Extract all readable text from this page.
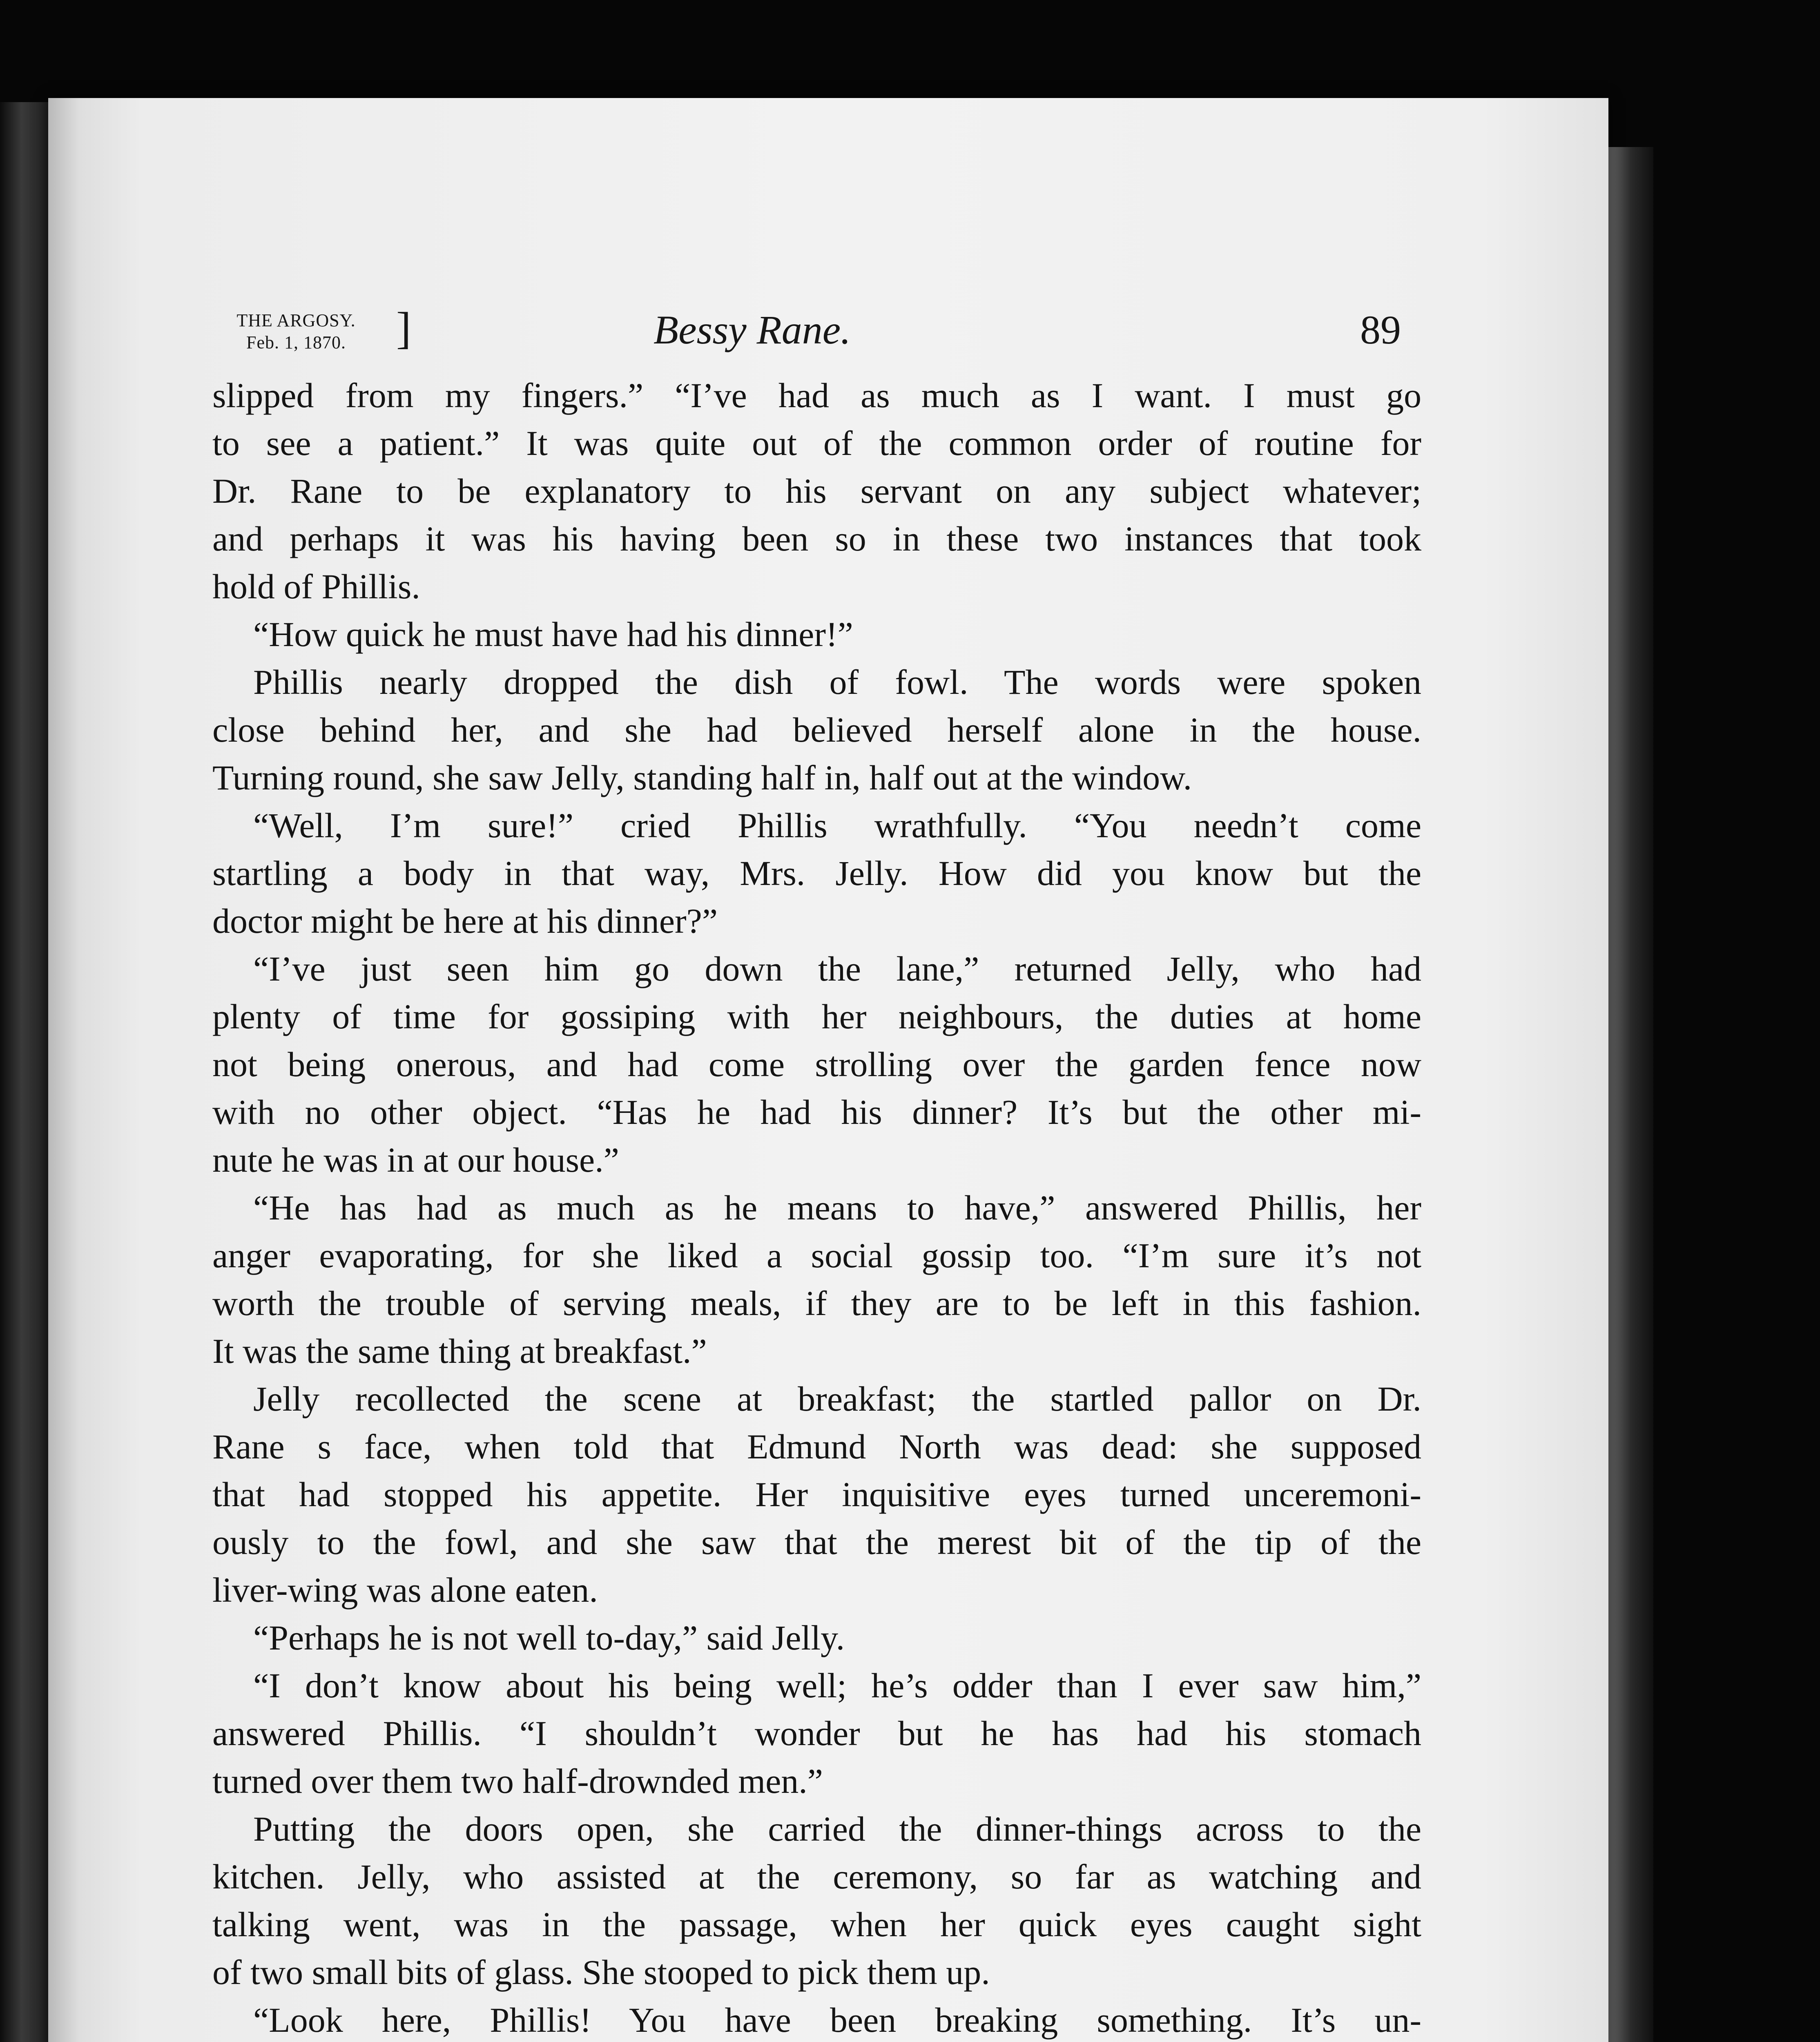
THE ARGOSY.
Feb. 1, 1870.	]	Bessy Rane.	89
slipped from my fingers.” “I’ve had as much as I want. I must go
to see a patient.” It was quite out of the common order of routine for
Dr. Rane to be explanatory to his servant on any subject whatever;
and perhaps it was his having been so in these two instances that took
hold of Phillis.
“How quick he must have had his dinner!”
Phillis nearly dropped the dish of fowl. The words were spoken
close behind her, and she had believed herself alone in the house.
Turning round, she saw Jelly, standing half in, half out at the window.
“Well, I’m sure!” cried Phillis wrathfully. “You needn’t come
startling a body in that way, Mrs. Jelly. How did you know but the
doctor might be here at his dinner?”
“I’ve just seen him go down the lane,” returned Jelly, who had
plenty of time for gossiping with her neighbours, the duties at home
not being onerous, and had come strolling over the garden fence now
with no other object. “Has he had his dinner? It’s but the other mi-
nute he was in at our house.”
“He has had as much as he means to have,” answered Phillis, her
anger evaporating, for she liked a social gossip too. “I’m sure it’s not
worth the trouble of serving meals, if they are to be left in this fashion.
It was the same thing at breakfast.”
Jelly recollected the scene at breakfast; the startled pallor on Dr.
Rane s face, when told that Edmund North was dead: she supposed
that had stopped his appetite. Her inquisitive eyes turned unceremoni-
ously to the fowl, and she saw that the merest bit of the tip of the
liver-wing was alone eaten.
“Perhaps he is not well to-day,” said Jelly.
“I don’t know about his being well; he’s odder than I ever saw him,”
answered Phillis. “I shouldn’t wonder but he has had his stomach
turned over them two half-drownded men.”
Putting the doors open, she carried the dinner-things across to the
kitchen. Jelly, who assisted at the ceremony, so far as watching and
talking went, was in the passage, when her quick eyes caught sight
of two small bits of glass. She stooped to pick them up.
“Look here, Phillis! You have been breaking something. It’s un-
